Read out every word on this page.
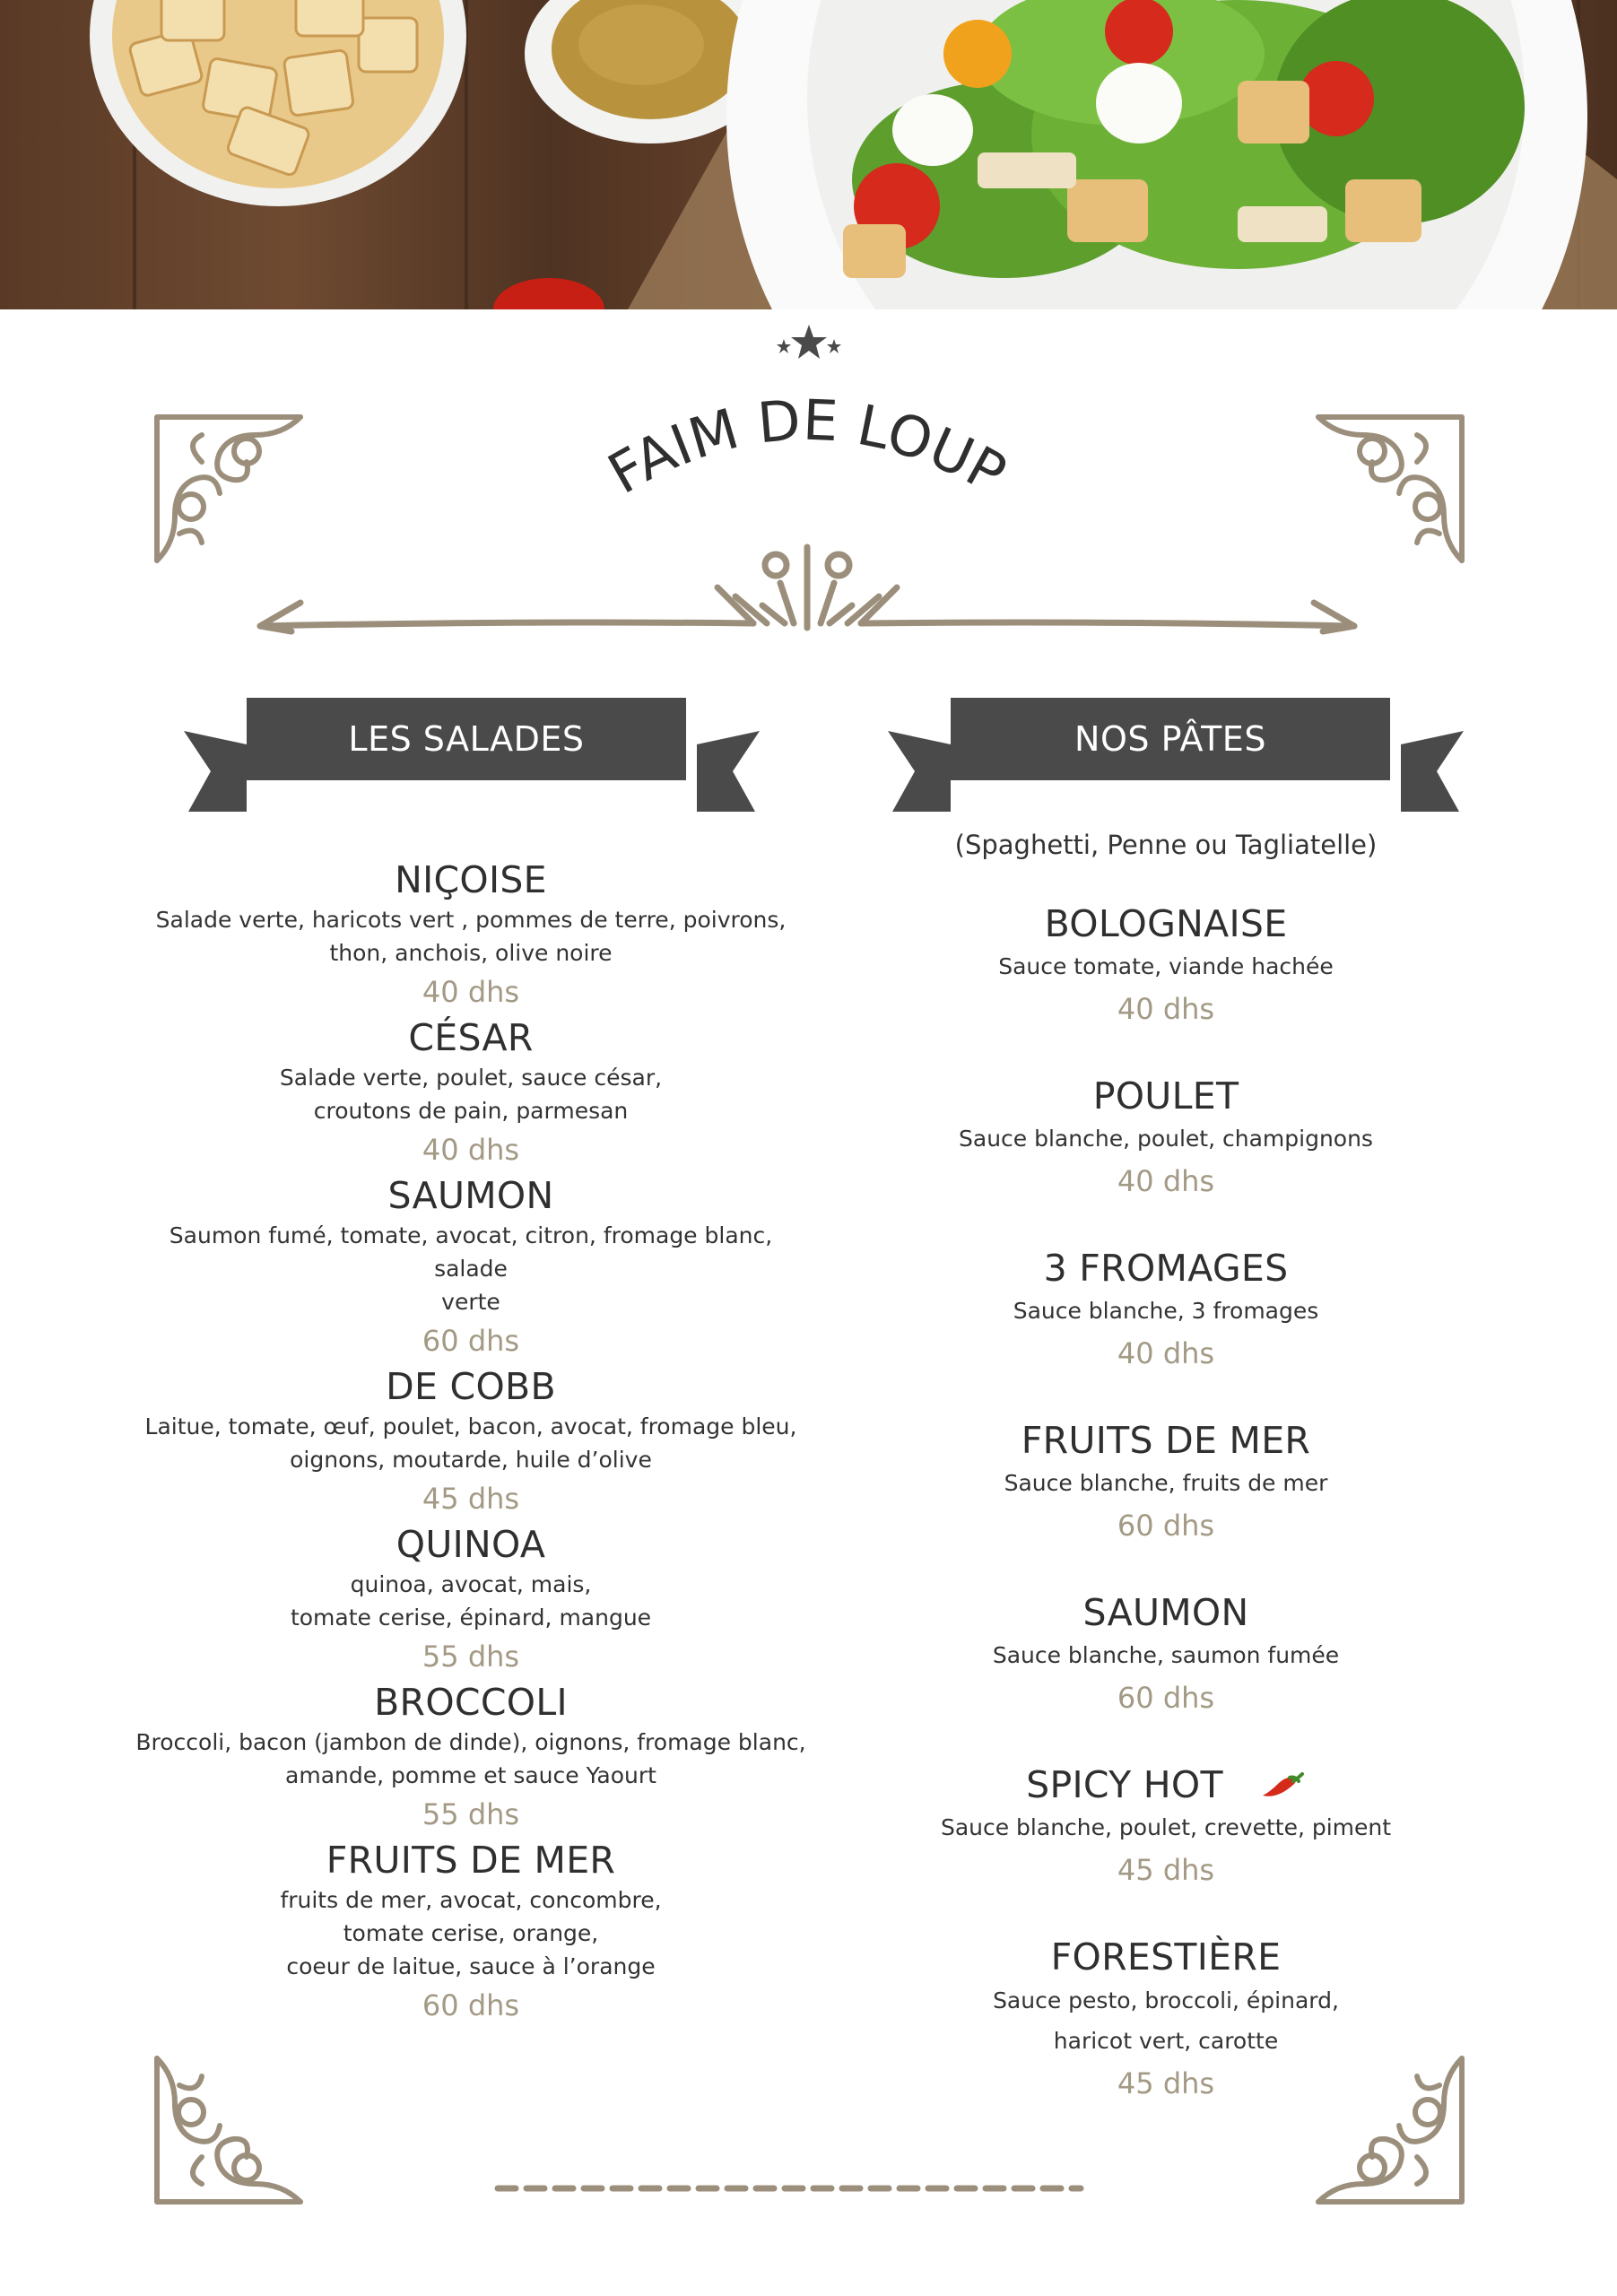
FAIM DE LOUP
LES SALADES	NOS PÂTES
NIÇOISE
Salade verte, haricots vert , pommes de terre, poivrons,
thon, anchois, olive noire
40 dhs
CÉSAR
Salade verte, poulet, sauce césar,
croutons de pain, parmesan
40 dhs
SAUMON
Saumon fumé, tomate, avocat, citron, fromage blanc, salade
verte
60 dhs
DE COBB
Laitue, tomate, œuf, poulet, bacon, avocat, fromage bleu,
oignons, moutarde, huile d’olive
45 dhs
QUINOA
quinoa, avocat, mais,
tomate cerise, épinard, mangue
55 dhs
BROCCOLI
Broccoli, bacon (jambon de dinde), oignons, fromage blanc,
amande, pomme et sauce Yaourt
55 dhs
FRUITS DE MER
fruits de mer, avocat, concombre,
tomate cerise, orange,
coeur de laitue, sauce à l’orange
60 dhs
(Spaghetti, Penne ou Tagliatelle)
BOLOGNAISE
Sauce tomate, viande hachée
40 dhs
POULET
Sauce blanche, poulet, champignons
40 dhs
3 FROMAGES
Sauce blanche, 3 fromages
40 dhs
FRUITS DE MER
Sauce blanche, fruits de mer
60 dhs
SAUMON
Sauce blanche, saumon fumée
60 dhs
SPICY HOT
Sauce blanche, poulet, crevette, piment
45 dhs
FORESTIÈRE
Sauce pesto, broccoli, épinard,
haricot vert, carotte
45 dhs
